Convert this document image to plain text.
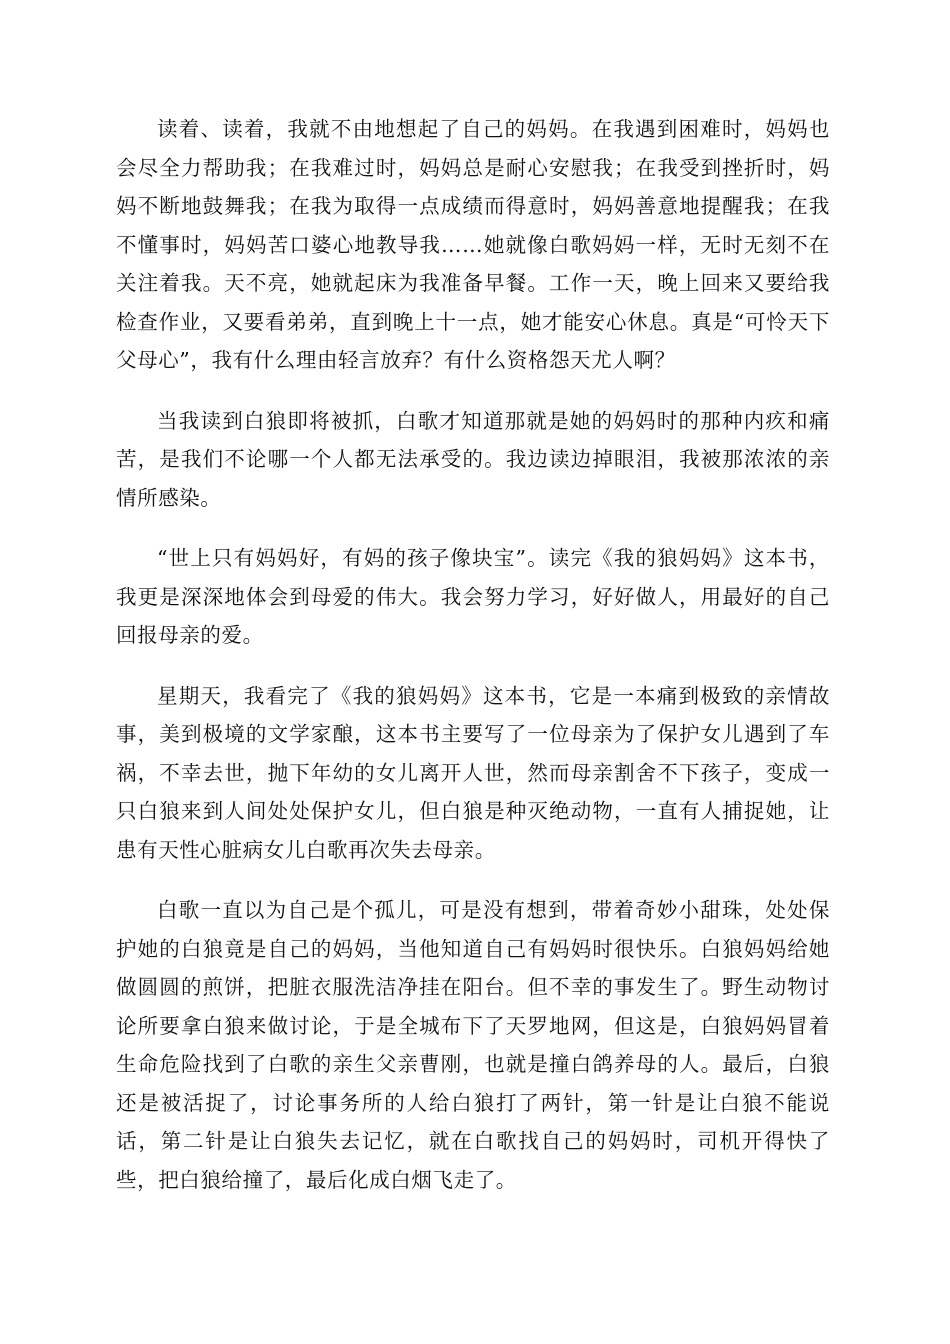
读着、读着，我就不由地想起了自己的妈妈。在我遇到困难时，妈妈也会尽全力帮助我；在我难过时，妈妈总是耐心安慰我；在我受到挫折时，妈妈不断地鼓舞我；在我为取得一点成绩而得意时，妈妈善意地提醒我；在我不懂事时，妈妈苦口婆心地教导我……她就像白歌妈妈一样，无时无刻不在关注着我。天不亮，她就起床为我准备早餐。工作一天，晚上回来又要给我检查作业，又要看弟弟，直到晚上十一点，她才能安心休息。真是“可怜天下父母心”，我有什么理由轻言放弃？有什么资格怨天尤人啊？

当我读到白狼即将被抓，白歌才知道那就是她的妈妈时的那种内疚和痛苦，是我们不论哪一个人都无法承受的。我边读边掉眼泪，我被那浓浓的亲情所感染。

“世上只有妈妈好，有妈的孩子像块宝”。读完《我的狼妈妈》这本书，我更是深深地体会到母爱的伟大。我会努力学习，好好做人，用最好的自己回报母亲的爱。

星期天，我看完了《我的狼妈妈》这本书，它是一本痛到极致的亲情故事，美到极境的文学家酿，这本书主要写了一位母亲为了保护女儿遇到了车祸，不幸去世，抛下年幼的女儿离开人世，然而母亲割舍不下孩子，变成一只白狼来到人间处处保护女儿，但白狼是种灭绝动物，一直有人捕捉她，让患有天性心脏病女儿白歌再次失去母亲。

白歌一直以为自己是个孤儿，可是没有想到，带着奇妙小甜珠，处处保护她的白狼竟是自己的妈妈，当他知道自己有妈妈时很快乐。白狼妈妈给她做圆圆的煎饼，把脏衣服洗洁净挂在阳台。但不幸的事发生了。野生动物讨论所要拿白狼来做讨论，于是全城布下了天罗地网，但这是，白狼妈妈冒着生命危险找到了白歌的亲生父亲曹刚，也就是撞白鸽养母的人。最后，白狼还是被活捉了，讨论事务所的人给白狼打了两针，第一针是让白狼不能说话，第二针是让白狼失去记忆，就在白歌找自己的妈妈时，司机开得快了些，把白狼给撞了，最后化成白烟飞走了。
